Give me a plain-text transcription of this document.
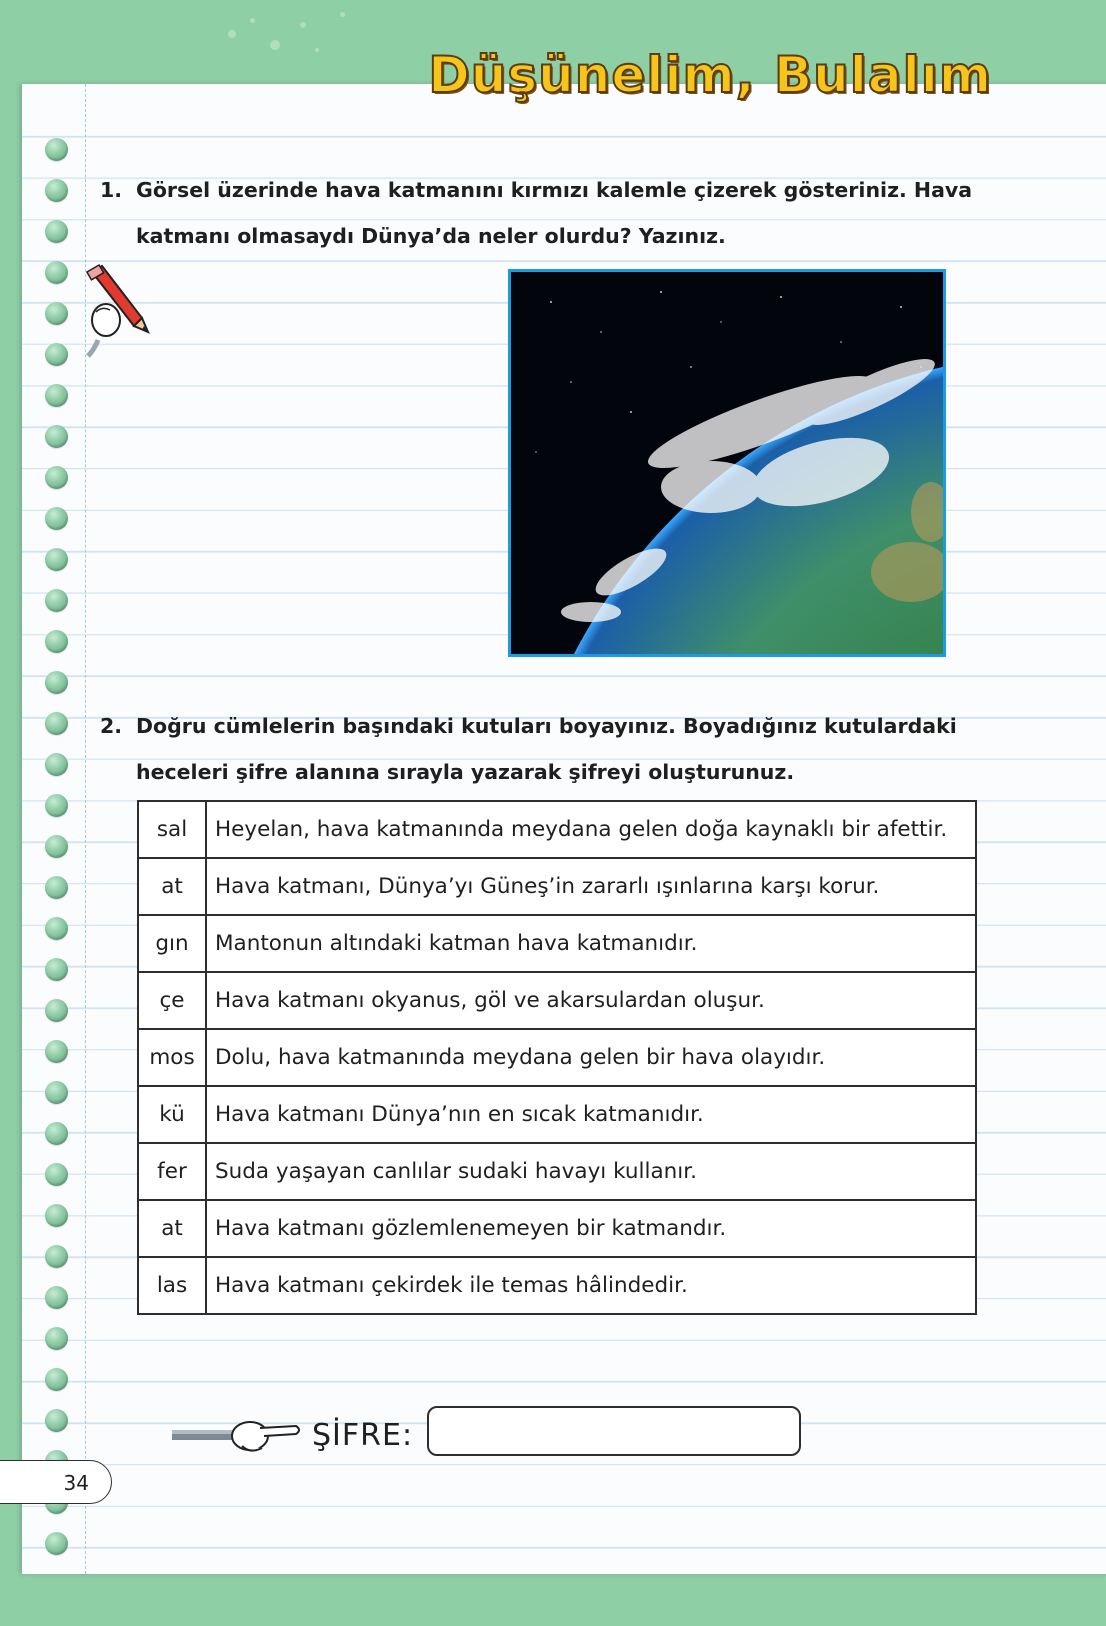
Düşünelim, Bulalım
1. Görsel üzerinde hava katmanını kırmızı kalemle çizerek gösteriniz. Hava katmanı olmasaydı Dünya’da neler olurdu? Yazınız.
2. Doğru cümlelerin başındaki kutuları boyayınız. Boyadığınız kutulardaki heceleri şifre alanına sırayla yazarak şifreyi oluşturunuz.
sal	Heyelan, hava katmanında meydana gelen doğa kaynaklı bir afettir.
at	Hava katmanı, Dünya’yı Güneş’in zararlı ışınlarına karşı korur.
gın	Mantonun altındaki katman hava katmanıdır.
çe	Hava katmanı okyanus, göl ve akarsulardan oluşur.
mos	Dolu, hava katmanında meydana gelen bir hava olayıdır.
kü	Hava katmanı Dünya’nın en sıcak katmanıdır.
fer	Suda yaşayan canlılar sudaki havayı kullanır.
at	Hava katmanı gözlemlenemeyen bir katmandır.
las	Hava katmanı çekirdek ile temas hâlindedir.
ŞİFRE:
34
